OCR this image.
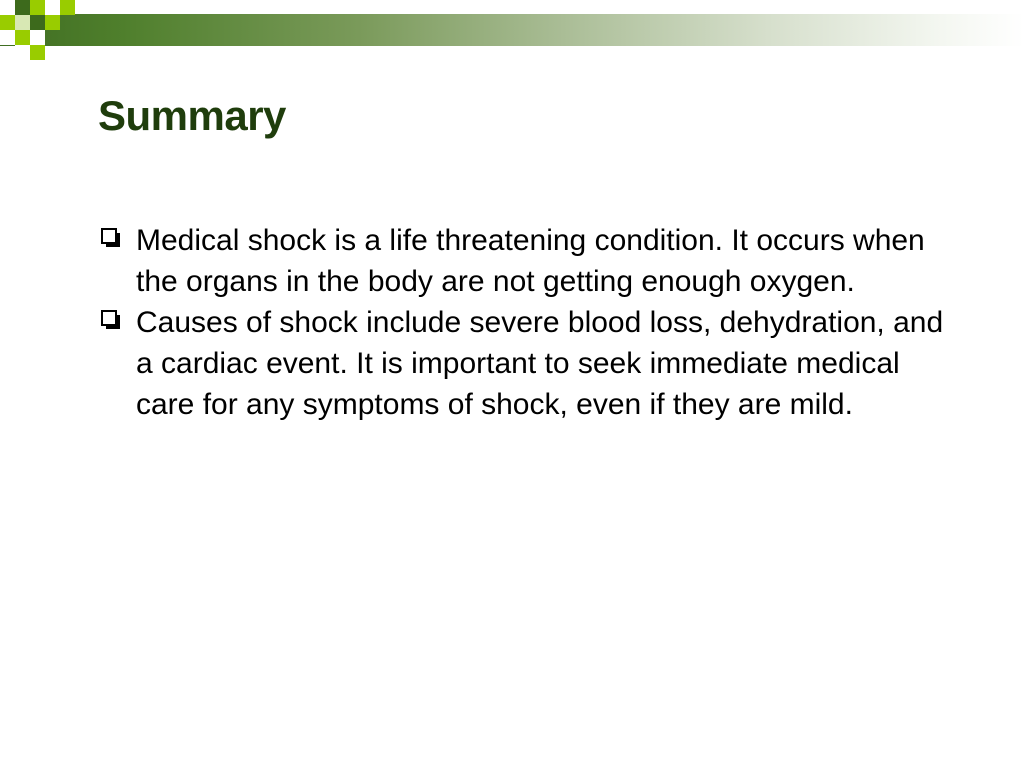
Summary
Medical shock is a life threatening condition. It occurs when the organs in the body are not getting enough oxygen.
Causes of shock include severe blood loss, dehydration, and a cardiac event. It is important to seek immediate medical care for any symptoms of shock, even if they are mild.
